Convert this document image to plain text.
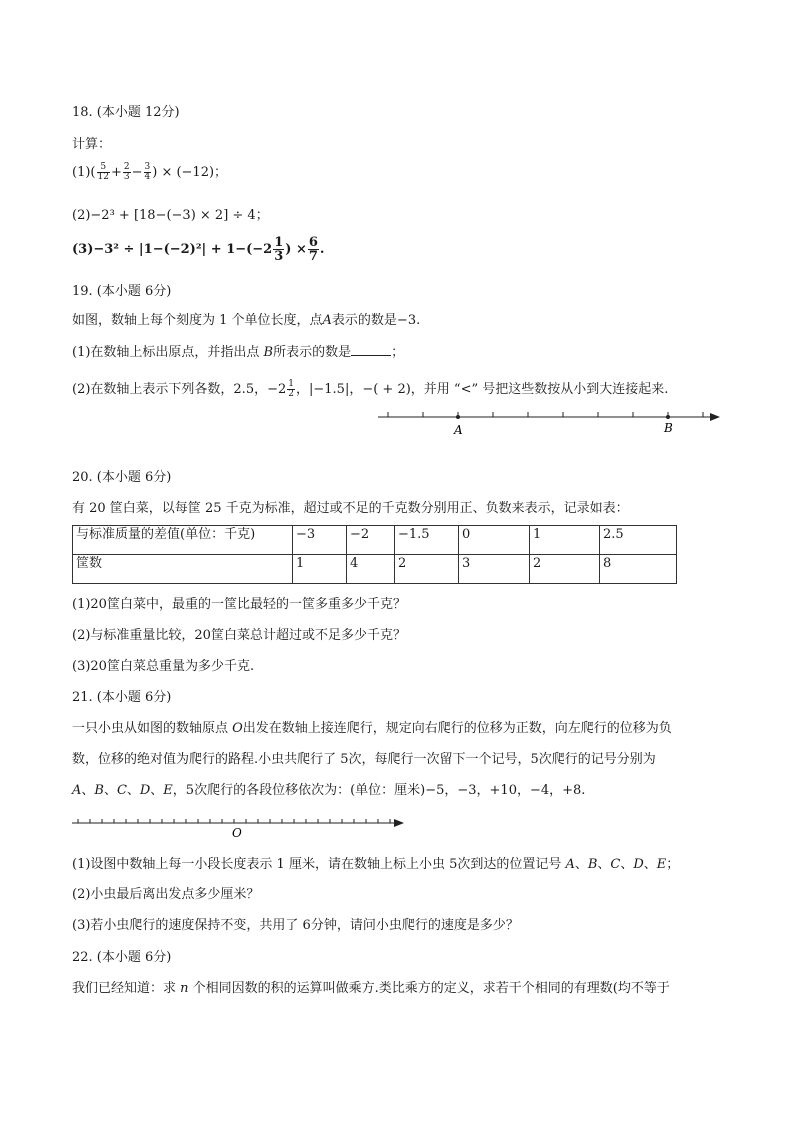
18. (本小题 12分)
计算：
$(1)( \frac{5}{12} + \frac{2}{3} - \frac{3}{4}$ ) × (−12)；
(2)−2³ + [18−(−3) × 2] ÷ 4；
$(3)-3^2 \div |1-(-2)^2| + 1-(-2 \frac{1}{3}$ ) × $\frac{6}{7}$ .
19. (本小题 6分)
如图，数轴上每个刻度为 1 个单位长度，点𝐴表示的数是−3.
(1)在数轴上标出原点，并指出点 𝐵所表示的数是	；
(2)在数轴上表示下列各数，2.5，$-2 \frac{1}{2}$ ，|−1.5|，−( + 2)，并用 “<” 号把这些数按从小到大连接起来.
A	B
20. (本小题 6分)
有 20 筐白菜，以每筐 25 千克为标准，超过或不足的千克数分别用正、负数来表示，记录如表：
与标准质量的差值(单位：千克)	−3	−2	−1.5	0	1	2.5
筐数	1	4	2	3	2	8
(1)20筐白菜中，最重的一筐比最轻的一筐多重多少千克？
(2)与标准重量比较，20筐白菜总计超过或不足多少千克？
(3)20筐白菜总重量为多少千克.
21. (本小题 6分)
一只小虫从如图的数轴原点 𝑂出发在数轴上接连爬行，规定向右爬行的位移为正数，向左爬行的位移为负
数，位移的绝对值为爬行的路程.小虫共爬行了 5次，每爬行一次留下一个记号，5次爬行的记号分别为
𝐴、𝐵、𝐶、𝐷、𝐸，5次爬行的各段位移依次为：(单位：厘米)−5，−3，+10，−4，+8.
O
(1)设图中数轴上每一小段长度表示 1 厘米，请在数轴上标上小虫 5次到达的位置记号 𝐴、𝐵、𝐶、𝐷、𝐸；
(2)小虫最后离出发点多少厘米？
(3)若小虫爬行的速度保持不变，共用了 6分钟，请问小虫爬行的速度是多少？
22. (本小题 6分)
我们已经知道：求 𝑛 个相同因数的积的运算叫做乘方.类比乘方的定义，求若干个相同的有理数(均不等于
